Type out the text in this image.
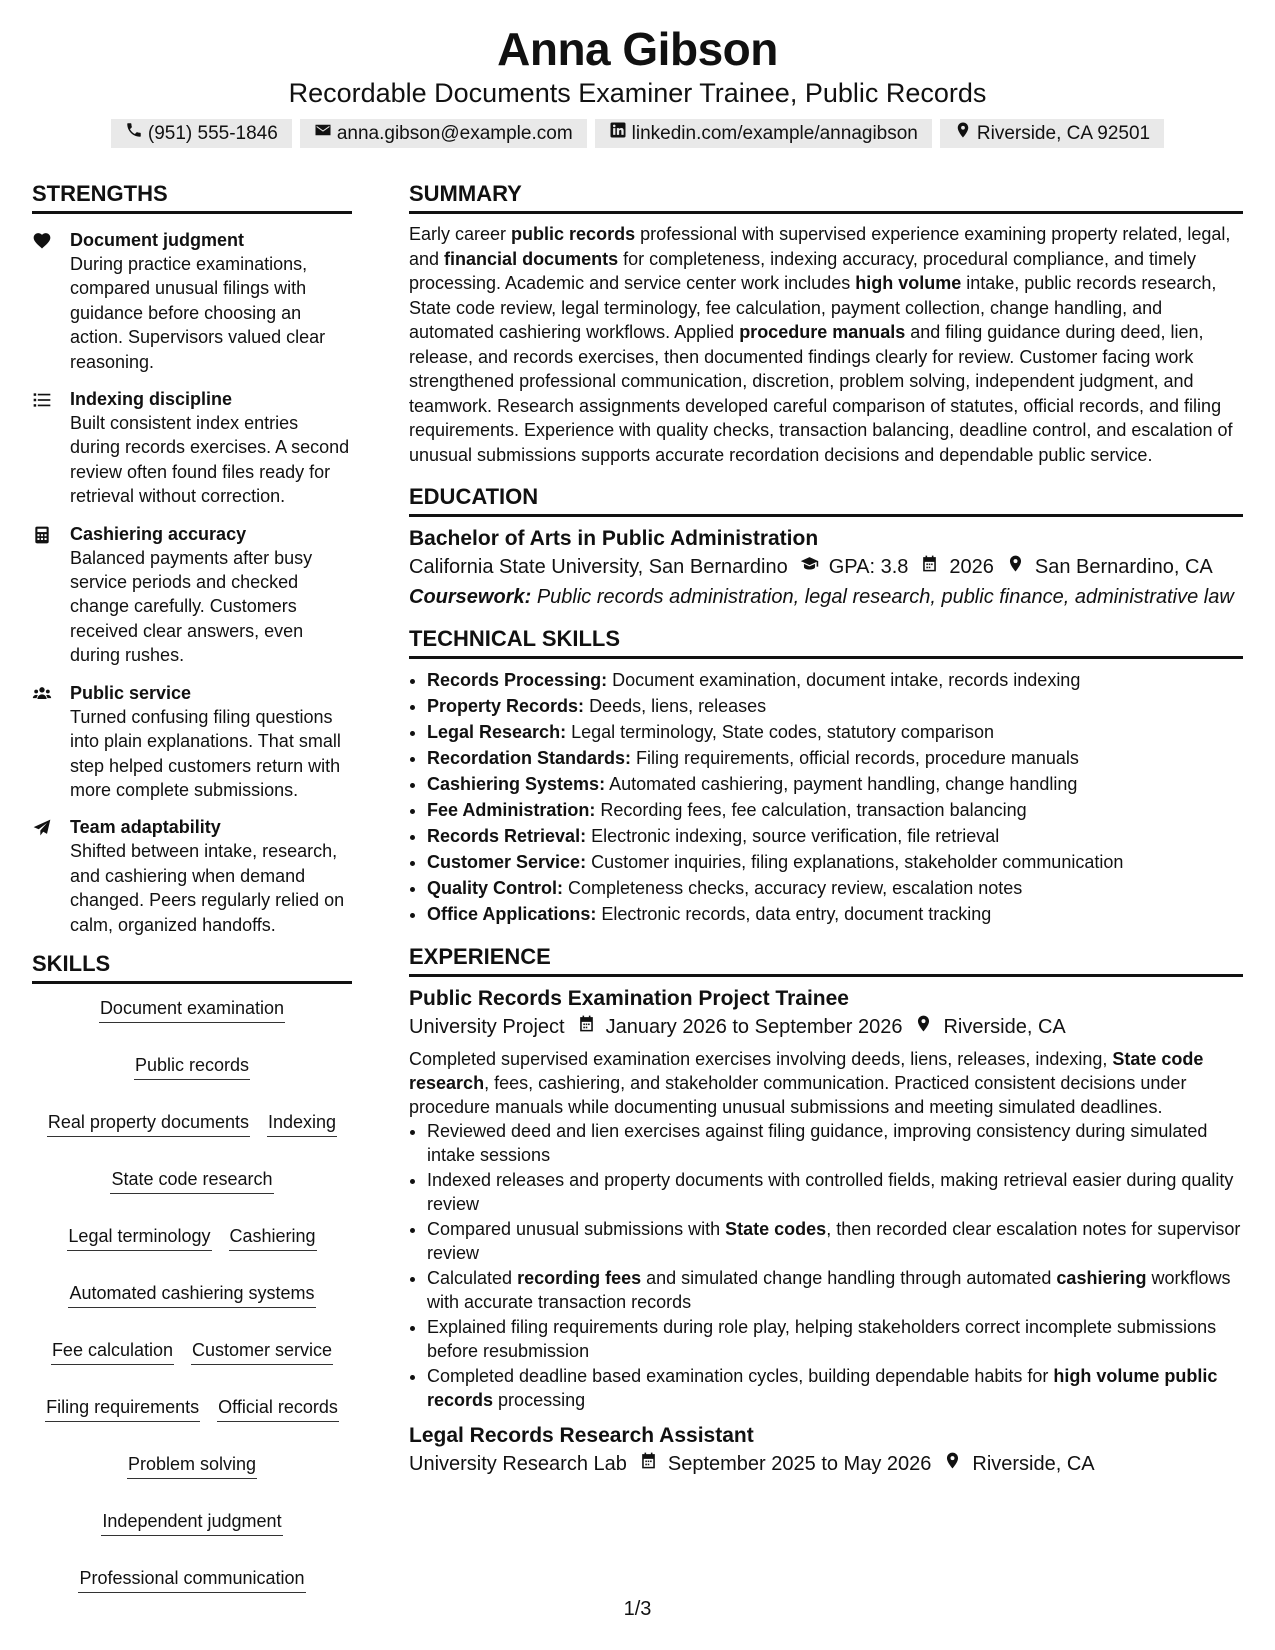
Anna Gibson
Recordable Documents Examiner Trainee, Public Records
(951) 555-1846	anna.gibson@example.com	linkedin.com/example/annagibson	Riverside, CA 92501
STRENGTHS
Document judgment
During practice examinations, compared unusual filings with guidance before choosing an action. Supervisors valued clear reasoning.
Indexing discipline
Built consistent index entries during records exercises. A second review often found files ready for retrieval without correction.
Cashiering accuracy
Balanced payments after busy service periods and checked change carefully. Customers received clear answers, even during rushes.
Public service
Turned confusing filing questions into plain explanations. That small step helped customers return with more complete submissions.
Team adaptability
Shifted between intake, research, and cashiering when demand changed. Peers regularly relied on calm, organized handoffs.
SKILLS
Document examination
Public records
Real property documents Indexing
State code research
Legal terminology Cashiering
Automated cashiering systems
Fee calculation Customer service
Filing requirements Official records
Problem solving
Independent judgment
Professional communication
SUMMARY
Early career public records professional with supervised experience examining property related, legal, and financial documents for completeness, indexing accuracy, procedural compliance, and timely processing. Academic and service center work includes high volume intake, public records research, State code review, legal terminology, fee calculation, payment collection, change handling, and automated cashiering workflows. Applied procedure manuals and filing guidance during deed, lien, release, and records exercises, then documented findings clearly for review. Customer facing work strengthened professional communication, discretion, problem solving, independent judgment, and teamwork. Research assignments developed careful comparison of statutes, official records, and filing requirements. Experience with quality checks, transaction balancing, deadline control, and escalation of unusual submissions supports accurate recordation decisions and dependable public service.
EDUCATION
Bachelor of Arts in Public Administration
California State University, San Bernardino GPA: 3.8 2026 San Bernardino, CA
Coursework: Public records administration, legal research, public finance, administrative law
TECHNICAL SKILLS
• Records Processing: Document examination, document intake, records indexing
• Property Records: Deeds, liens, releases
• Legal Research: Legal terminology, State codes, statutory comparison
• Recordation Standards: Filing requirements, official records, procedure manuals
• Cashiering Systems: Automated cashiering, payment handling, change handling
• Fee Administration: Recording fees, fee calculation, transaction balancing
• Records Retrieval: Electronic indexing, source verification, file retrieval
• Customer Service: Customer inquiries, filing explanations, stakeholder communication
• Quality Control: Completeness checks, accuracy review, escalation notes
• Office Applications: Electronic records, data entry, document tracking
EXPERIENCE
Public Records Examination Project Trainee
University Project January 2026 to September 2026 Riverside, CA
Completed supervised examination exercises involving deeds, liens, releases, indexing, State code research, fees, cashiering, and stakeholder communication. Practiced consistent decisions under procedure manuals while documenting unusual submissions and meeting simulated deadlines.
• Reviewed deed and lien exercises against filing guidance, improving consistency during simulated intake sessions
• Indexed releases and property documents with controlled fields, making retrieval easier during quality review
• Compared unusual submissions with State codes, then recorded clear escalation notes for supervisor review
• Calculated recording fees and simulated change handling through automated cashiering workflows with accurate transaction records
• Explained filing requirements during role play, helping stakeholders correct incomplete submissions before resubmission
• Completed deadline based examination cycles, building dependable habits for high volume public records processing
Legal Records Research Assistant
University Research Lab September 2025 to May 2026 Riverside, CA
1/3
